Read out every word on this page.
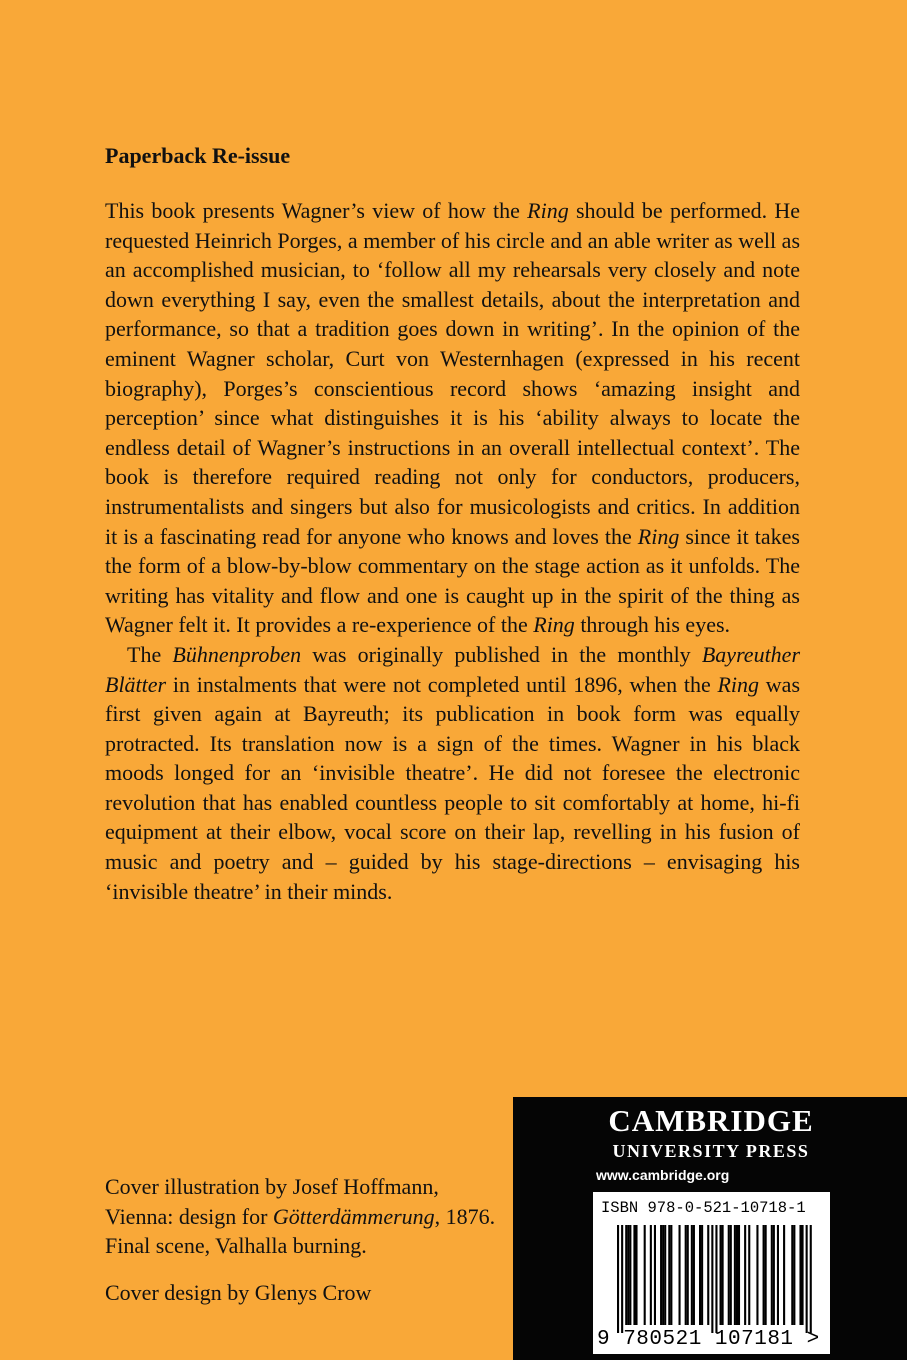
Paperback Re-issue

This book presents Wagner’s view of how the Ring should be performed. He requested Heinrich Porges, a member of his circle and an able writer as well as an accomplished musician, to ‘follow all my rehearsals very closely and note down everything I say, even the smallest details, about the interpretation and performance, so that a tradition goes down in writing’. In the opinion of the eminent Wagner scholar, Curt von Westernhagen (expressed in his recent biography), Porges’s conscientious record shows ‘amazing insight and perception’ since what distinguishes it is his ‘ability always to locate the endless detail of Wagner’s instructions in an overall intellectual context’. The book is therefore required reading not only for conductors, producers, instrumentalists and singers but also for musicologists and critics. In addition it is a fascinating read for anyone who knows and loves the Ring since it takes the form of a blow-by-blow commentary on the stage action as it unfolds. The writing has vitality and flow and one is caught up in the spirit of the thing as Wagner felt it. It provides a re-experience of the Ring through his eyes.

The Bühnenproben was originally published in the monthly Bayreuther Blätter in instalments that were not completed until 1896, when the Ring was first given again at Bayreuth; its publication in book form was equally protracted. Its translation now is a sign of the times. Wagner in his black moods longed for an ‘invisible theatre’. He did not foresee the electronic revolution that has enabled countless people to sit comfortably at home, hi-fi equipment at their elbow, vocal score on their lap, revelling in his fusion of music and poetry and – guided by his stage-directions – envisaging his ‘invisible theatre’ in their minds.

Cover illustration by Josef Hoffmann, Vienna: design for Götterdämmerung, 1876. Final scene, Valhalla burning.

Cover design by Glenys Crow

CAMBRIDGE
UNIVERSITY PRESS
www.cambridge.org
ISBN 978-0-521-10718-1
9 780521 107181 >
